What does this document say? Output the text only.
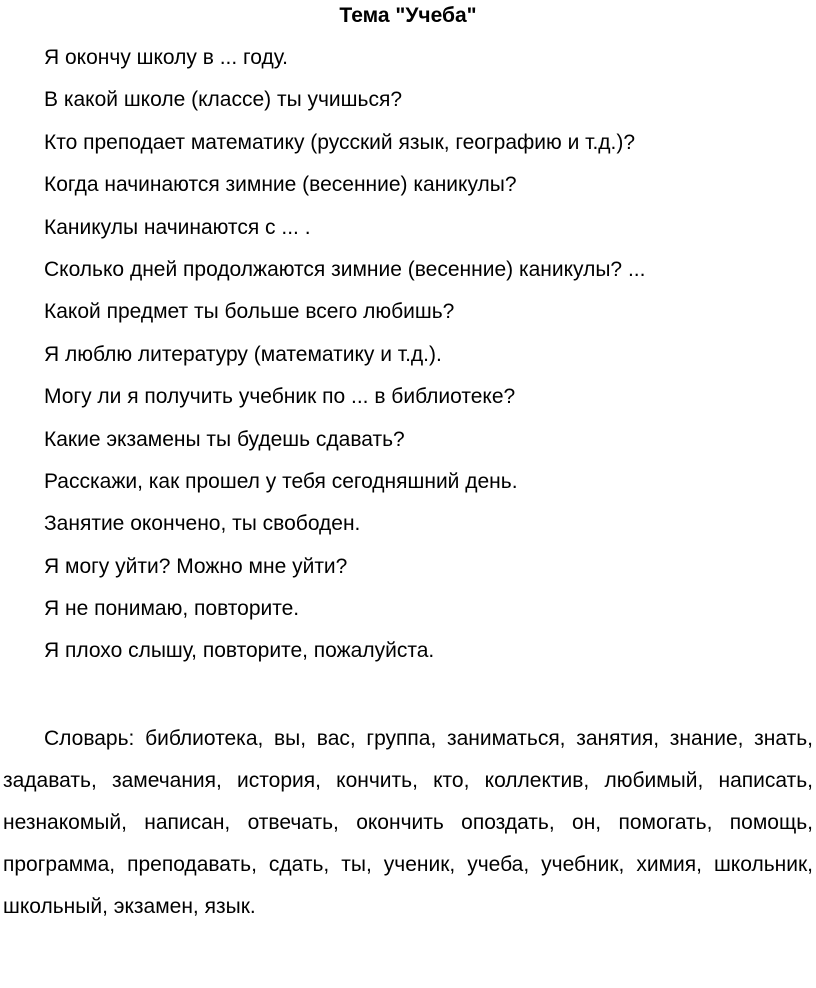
Тема "Учеба"
Я окончу школу в ... году.
В какой школе (классе) ты учишься?
Кто преподает математику (русский язык, географию и т.д.)?
Когда начинаются зимние (весенние) каникулы?
Каникулы начинаются с ... .
Сколько дней продолжаются зимние (весенние) каникулы? ...
Какой предмет ты больше всего любишь?
Я люблю литературу (математику и т.д.).
Могу ли я получить учебник по ... в библиотеке?
Какие экзамены ты будешь сдавать?
Расскажи, как прошел у тебя сегодняшний день.
Занятие окончено, ты свободен.
Я могу уйти? Можно мне уйти?
Я не понимаю, повторите.
Я плохо слышу, повторите, пожалуйста.

Словарь: библиотека, вы, вас, группа, заниматься, занятия, знание, знать, задавать, замечания, история, кончить, кто, коллектив, любимый, написать, незнакомый, написан, отвечать, окончить опоздать, он, помогать, помощь, программа, преподавать, сдать, ты, ученик, учеба, учебник, химия, школьник, школьный, экзамен, язык.
